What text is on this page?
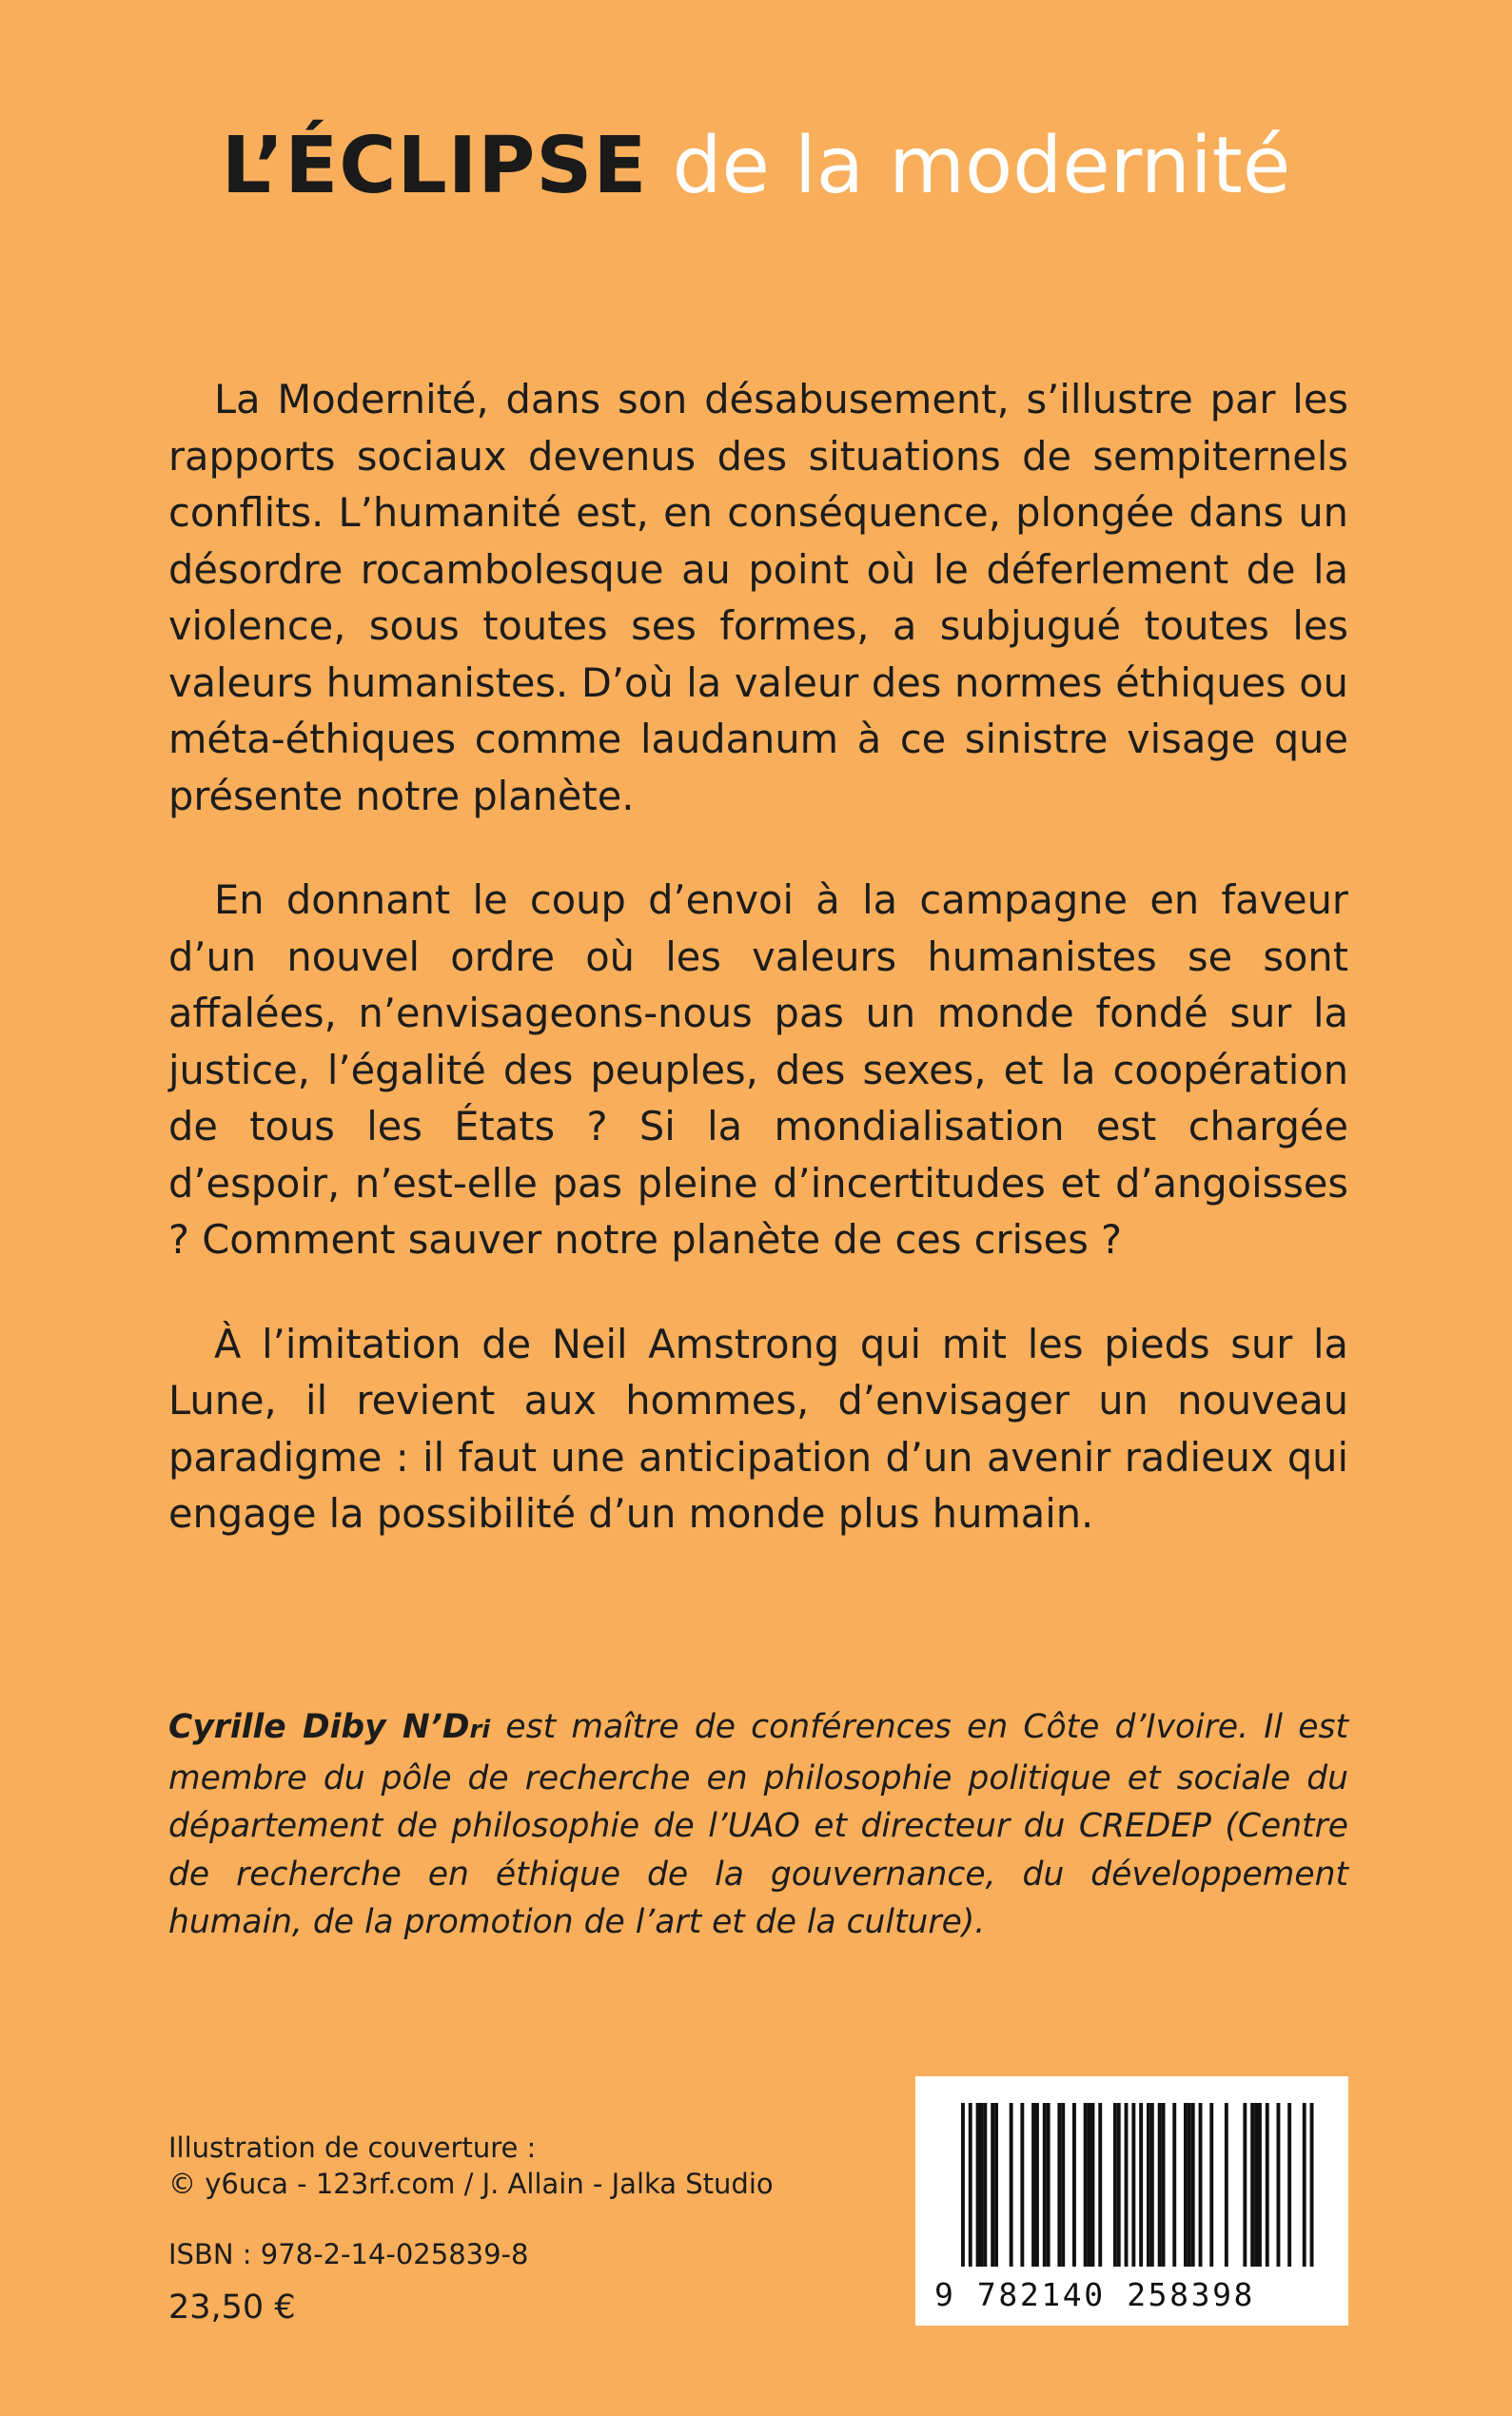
L’ÉCLIPSE de la modernité

La Modernité, dans son désabusement, s’illustre par les rapports sociaux devenus des situations de sempiternels conflits. L’humanité est, en conséquence, plongée dans un désordre rocambolesque au point où le déferlement de la violence, sous toutes ses formes, a subjugué toutes les valeurs humanistes. D’où la valeur des normes éthiques ou méta-éthiques comme laudanum à ce sinistre visage que présente notre planète.

En donnant le coup d’envoi à la campagne en faveur d’un nouvel ordre où les valeurs humanistes se sont affalées, n’envisageons-nous pas un monde fondé sur la justice, l’égalité des peuples, des sexes, et la coopération de tous les États ? Si la mondialisation est chargée d’espoir, n’est-elle pas pleine d’incertitudes et d’angoisses ? Comment sauver notre planète de ces crises ?

À l’imitation de Neil Amstrong qui mit les pieds sur la Lune, il revient aux hommes, d’envisager un nouveau paradigme : il faut une anticipation d’un avenir radieux qui engage la possibilité d’un monde plus humain.

Cyrille Diby N’Dri est maître de conférences en Côte d’Ivoire. Il est membre du pôle de recherche en philosophie politique et sociale du département de philosophie de l’UAO et directeur du CREDEP (Centre de recherche en éthique de la gouvernance, du développement humain, de la promotion de l’art et de la culture).
Illustration de couverture :
© y6uca - 123rf.com / J. Allain - Jalka Studio
ISBN : 978-2-14-025839-8
23,50 €	9 782140 258398
